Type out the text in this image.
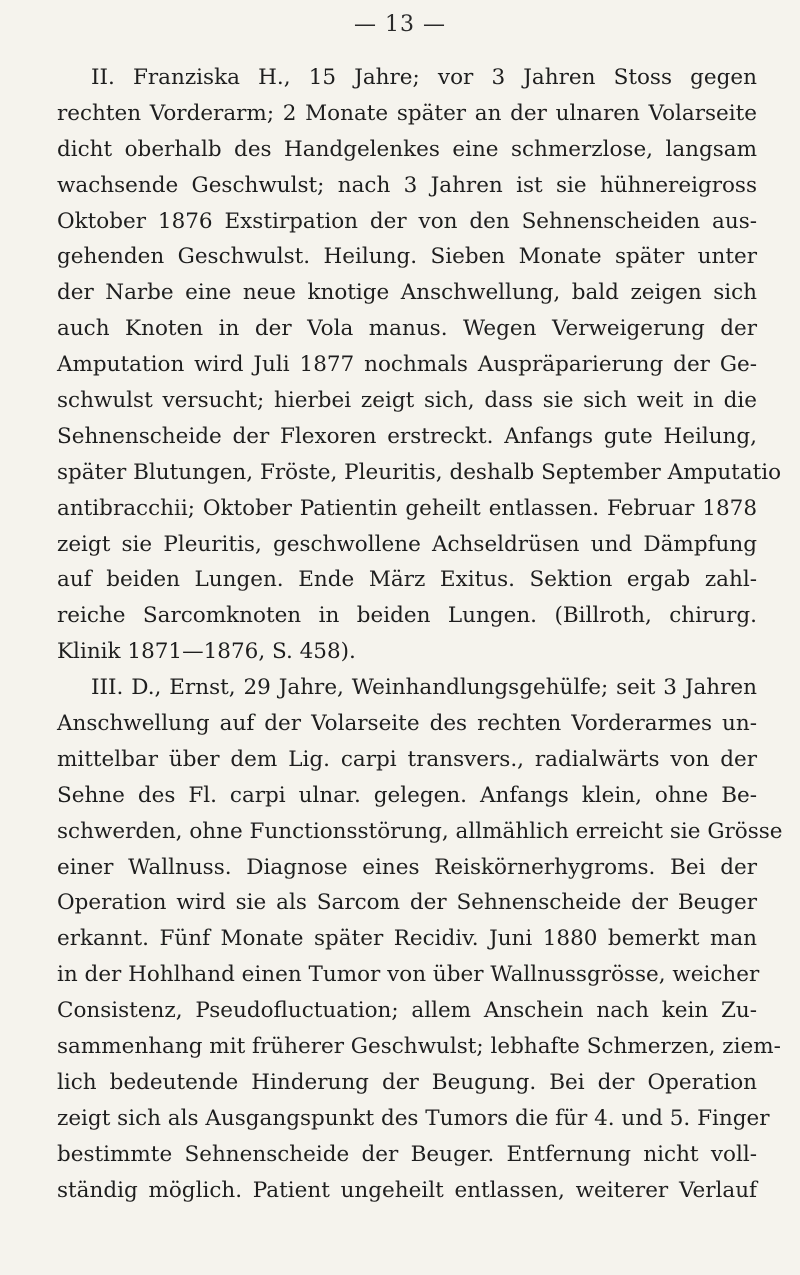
— 13 —
II. Franziska H., 15 Jahre; vor 3 Jahren Stoss gegen
rechten Vorderarm; 2 Monate später an der ulnaren Volarseite
dicht oberhalb des Handgelenkes eine schmerzlose, langsam
wachsende Geschwulst; nach 3 Jahren ist sie hühnereigross
Oktober 1876 Exstirpation der von den Sehnenscheiden aus-
gehenden Geschwulst. Heilung. Sieben Monate später unter
der Narbe eine neue knotige Anschwellung, bald zeigen sich
auch Knoten in der Vola manus. Wegen Verweigerung der
Amputation wird Juli 1877 nochmals Auspräparierung der Ge-
schwulst versucht; hierbei zeigt sich, dass sie sich weit in die
Sehnenscheide der Flexoren erstreckt. Anfangs gute Heilung,
später Blutungen, Fröste, Pleuritis, deshalb September Amputatio
antibracchii; Oktober Patientin geheilt entlassen. Februar 1878
zeigt sie Pleuritis, geschwollene Achseldrüsen und Dämpfung
auf beiden Lungen. Ende März Exitus. Sektion ergab zahl-
reiche Sarcomknoten in beiden Lungen. (Billroth, chirurg.
Klinik 1871—1876, S. 458).
III. D., Ernst, 29 Jahre, Weinhandlungsgehülfe; seit 3 Jahren
Anschwellung auf der Volarseite des rechten Vorderarmes un-
mittelbar über dem Lig. carpi transvers., radialwärts von der
Sehne des Fl. carpi ulnar. gelegen. Anfangs klein, ohne Be-
schwerden, ohne Functionsstörung, allmählich erreicht sie Grösse
einer Wallnuss. Diagnose eines Reiskörnerhygroms. Bei der
Operation wird sie als Sarcom der Sehnenscheide der Beuger
erkannt. Fünf Monate später Recidiv. Juni 1880 bemerkt man
in der Hohlhand einen Tumor von über Wallnussgrösse, weicher
Consistenz, Pseudofluctuation; allem Anschein nach kein Zu-
sammenhang mit früherer Geschwulst; lebhafte Schmerzen, ziem-
lich bedeutende Hinderung der Beugung. Bei der Operation
zeigt sich als Ausgangspunkt des Tumors die für 4. und 5. Finger
bestimmte Sehnenscheide der Beuger. Entfernung nicht voll-
ständig möglich. Patient ungeheilt entlassen, weiterer Verlauf
